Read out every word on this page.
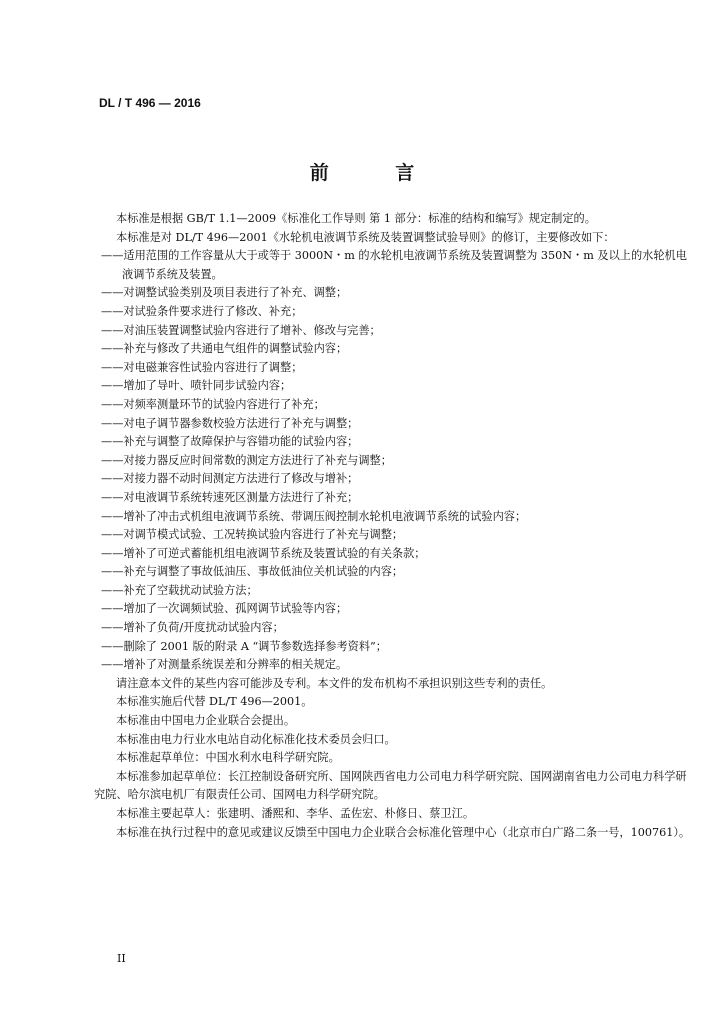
DL / T 496 — 2016
前 言

本标准是根据 GB/T 1.1—2009《标准化工作导则 第 1 部分：标准的结构和编写》规定制定的。

本标准是对 DL/T 496—2001《水轮机电液调节系统及装置调整试验导则》的修订，主要修改如下：

——适用范围的工作容量从大于或等于 3000N・m 的水轮机电液调节系统及装置调整为 350N・m 及以上的水轮机电液调节系统及装置。

——对调整试验类别及项目表进行了补充、调整；

——对试验条件要求进行了修改、补充；

——对油压装置调整试验内容进行了增补、修改与完善；

——补充与修改了共通电气组件的调整试验内容；

——对电磁兼容性试验内容进行了调整；

——增加了导叶、喷针同步试验内容；

——对频率测量环节的试验内容进行了补充；

——对电子调节器参数校验方法进行了补充与调整；

——补充与调整了故障保护与容错功能的试验内容；

——对接力器反应时间常数的测定方法进行了补充与调整；

——对接力器不动时间测定方法进行了修改与增补；

——对电液调节系统转速死区测量方法进行了补充；

——增补了冲击式机组电液调节系统、带调压阀控制水轮机电液调节系统的试验内容；

——对调节模式试验、工况转换试验内容进行了补充与调整；

——增补了可逆式蓄能机组电液调节系统及装置试验的有关条款；

——补充与调整了事故低油压、事故低油位关机试验的内容；

——补充了空载扰动试验方法；

——增加了一次调频试验、孤网调节试验等内容；

——增补了负荷/开度扰动试验内容；

——删除了 2001 版的附录 A “调节参数选择参考资料”；

——增补了对测量系统误差和分辨率的相关规定。

请注意本文件的某些内容可能涉及专利。本文件的发布机构不承担识别这些专利的责任。

本标准实施后代替 DL/T 496—2001。

本标准由中国电力企业联合会提出。

本标准由电力行业水电站自动化标准化技术委员会归口。

本标准起草单位：中国水利水电科学研究院。

本标准参加起草单位：长江控制设备研究所、国网陕西省电力公司电力科学研究院、国网湖南省电力公司电力科学研究院、哈尔滨电机厂有限责任公司、国网电力科学研究院。

本标准主要起草人：张建明、潘熙和、李华、孟佐宏、朴修日、蔡卫江。

本标准在执行过程中的意见或建议反馈至中国电力企业联合会标准化管理中心（北京市白广路二条一号，100761）。

II
